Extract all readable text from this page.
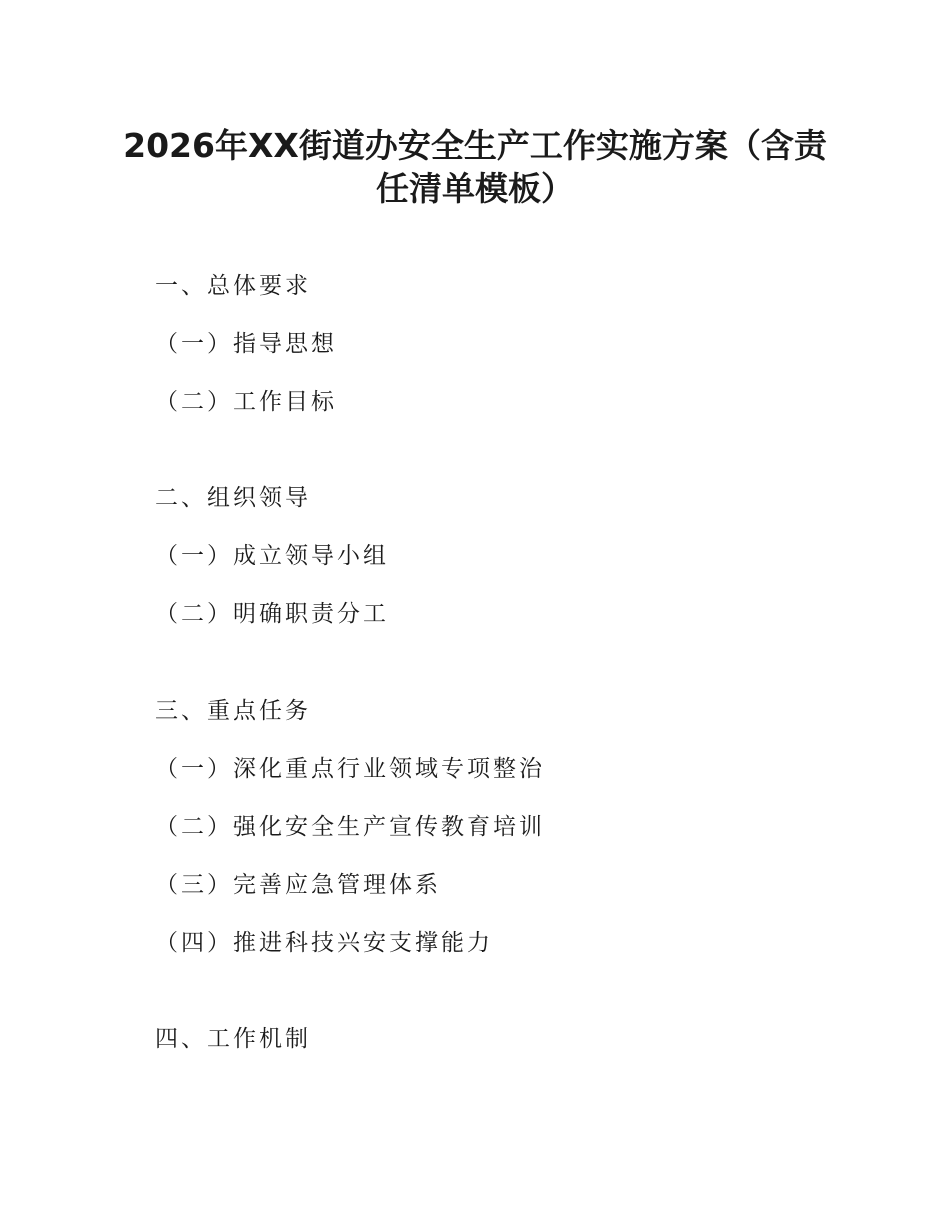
2026年XX街道办安全生产工作实施方案（含责
任清单模板）
一、总体要求
（一）指导思想
（二）工作目标
二、组织领导
（一）成立领导小组
（二）明确职责分工
三、重点任务
（一）深化重点行业领域专项整治
（二）强化安全生产宣传教育培训
（三）完善应急管理体系
（四）推进科技兴安支撑能力
四、工作机制
